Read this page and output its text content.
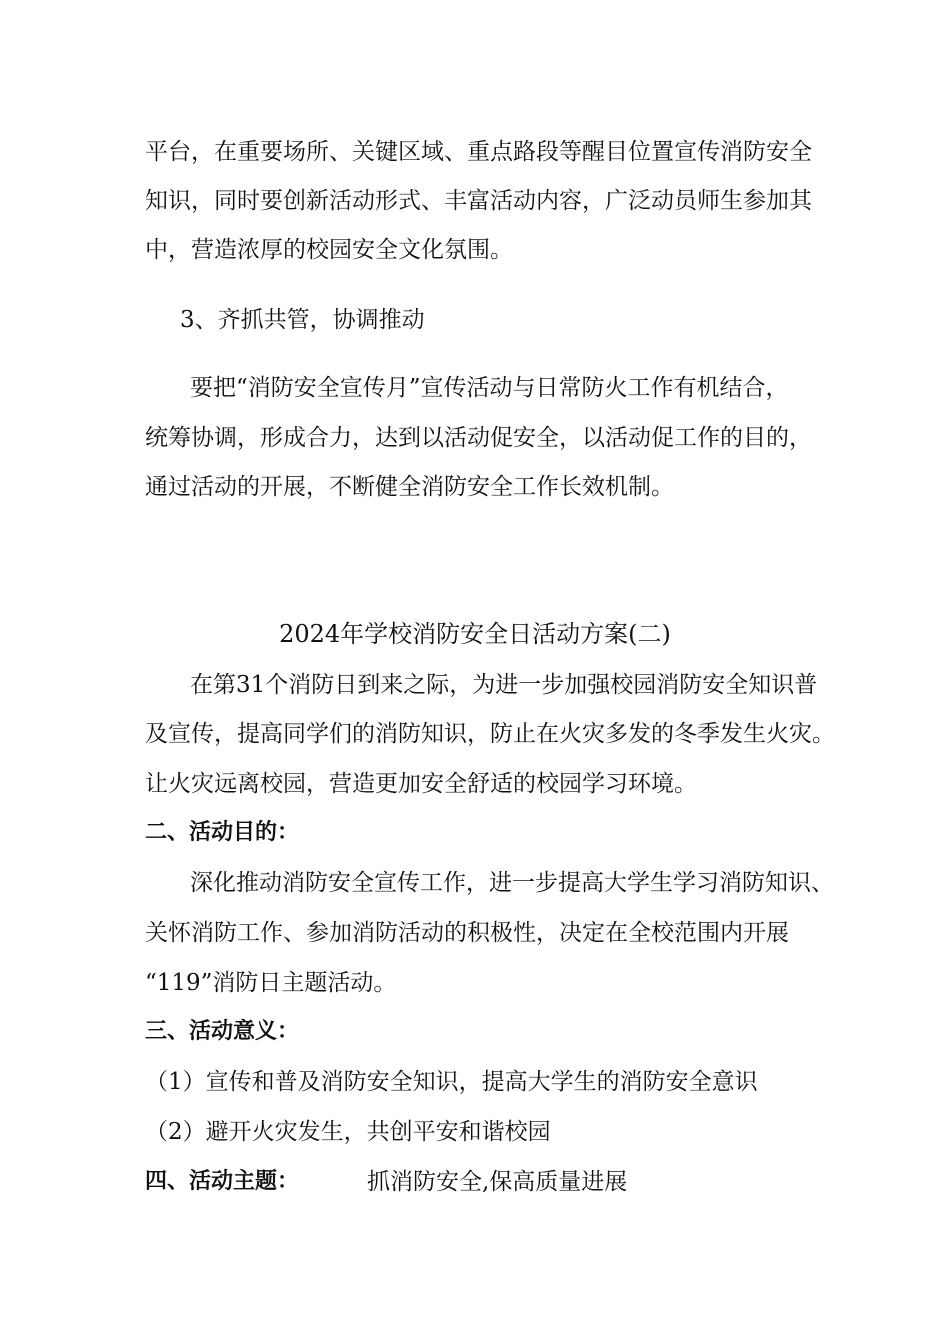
平台，在重要场所、关键区域、重点路段等醒目位置宣传消防安全
知识，同时要创新活动形式、丰富活动内容，广泛动员师生参加其
中，营造浓厚的校园安全文化氛围。
3、齐抓共管，协调推动
要把“消防安全宣传月”宣传活动与日常防火工作有机结合，
统筹协调，形成合力，达到以活动促安全，以活动促工作的目的，
通过活动的开展，不断健全消防安全工作长效机制。
2024年学校消防安全日活动方案(二)
在第31个消防日到来之际，为进一步加强校园消防安全知识普
及宣传，提高同学们的消防知识，防止在火灾多发的冬季发生火灾。
让火灾远离校园，营造更加安全舒适的校园学习环境。
二、活动目的：
深化推动消防安全宣传工作，进一步提高大学生学习消防知识、
关怀消防工作、参加消防活动的积极性，决定在全校范围内开展
“119”消防日主题活动。
三、活动意义：
（1）宣传和普及消防安全知识，提高大学生的消防安全意识
（2）避开火灾发生，共创平安和谐校园
四、活动主题：	抓消防安全,保高质量进展
